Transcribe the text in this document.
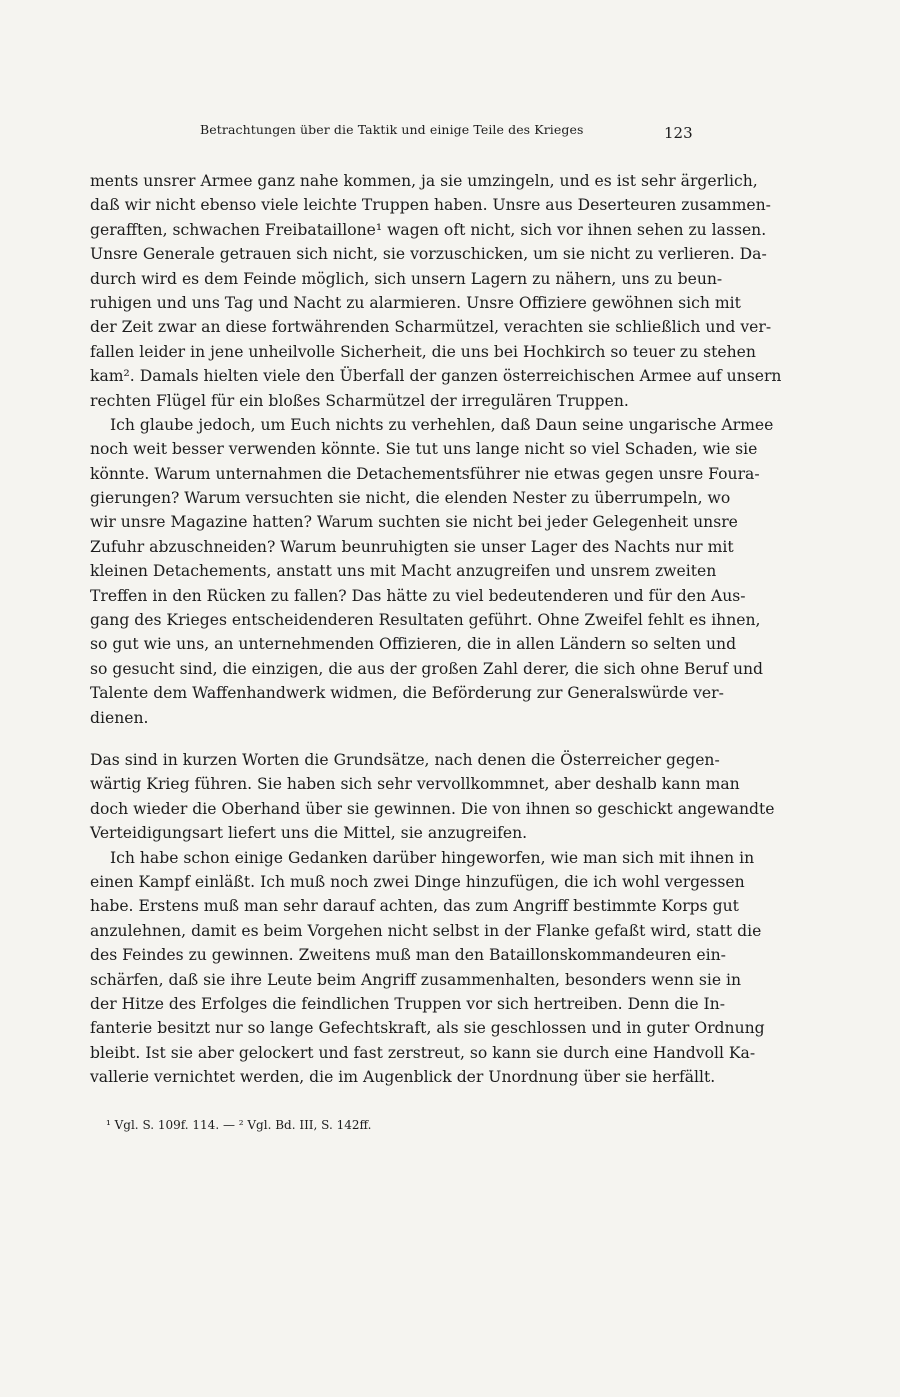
Betrachtungen über die Taktik und einige Teile des Krieges	123
ments unsrer Armee ganz nahe kommen, ja sie umzingeln, und es ist sehr ärgerlich,
daß wir nicht ebenso viele leichte Truppen haben. Unsre aus Deserteuren zusammen-
gerafften, schwachen Freibataillone¹ wagen oft nicht, sich vor ihnen sehen zu lassen.
Unsre Generale getrauen sich nicht, sie vorzuschicken, um sie nicht zu verlieren. Da-
durch wird es dem Feinde möglich, sich unsern Lagern zu nähern, uns zu beun-
ruhigen und uns Tag und Nacht zu alarmieren. Unsre Offiziere gewöhnen sich mit
der Zeit zwar an diese fortwährenden Scharmützel, verachten sie schließlich und ver-
fallen leider in jene unheilvolle Sicherheit, die uns bei Hochkirch so teuer zu stehen
kam². Damals hielten viele den Überfall der ganzen österreichischen Armee auf unsern
rechten Flügel für ein bloßes Scharmützel der irregulären Truppen.
Ich glaube jedoch, um Euch nichts zu verhehlen, daß Daun seine ungarische Armee
noch weit besser verwenden könnte. Sie tut uns lange nicht so viel Schaden, wie sie
könnte. Warum unternahmen die Detachementsführer nie etwas gegen unsre Foura-
gierungen? Warum versuchten sie nicht, die elenden Nester zu überrumpeln, wo
wir unsre Magazine hatten? Warum suchten sie nicht bei jeder Gelegenheit unsre
Zufuhr abzuschneiden? Warum beunruhigten sie unser Lager des Nachts nur mit
kleinen Detachements, anstatt uns mit Macht anzugreifen und unsrem zweiten
Treffen in den Rücken zu fallen? Das hätte zu viel bedeutenderen und für den Aus-
gang des Krieges entscheidenderen Resultaten geführt. Ohne Zweifel fehlt es ihnen,
so gut wie uns, an unternehmenden Offizieren, die in allen Ländern so selten und
so gesucht sind, die einzigen, die aus der großen Zahl derer, die sich ohne Beruf und
Talente dem Waffenhandwerk widmen, die Beförderung zur Generalswürde ver-
dienen.
Das sind in kurzen Worten die Grundsätze, nach denen die Österreicher gegen-
wärtig Krieg führen. Sie haben sich sehr vervollkommnet, aber deshalb kann man
doch wieder die Oberhand über sie gewinnen. Die von ihnen so geschickt angewandte
Verteidigungsart liefert uns die Mittel, sie anzugreifen.
Ich habe schon einige Gedanken darüber hingeworfen, wie man sich mit ihnen in
einen Kampf einläßt. Ich muß noch zwei Dinge hinzufügen, die ich wohl vergessen
habe. Erstens muß man sehr darauf achten, das zum Angriff bestimmte Korps gut
anzulehnen, damit es beim Vorgehen nicht selbst in der Flanke gefaßt wird, statt die
des Feindes zu gewinnen. Zweitens muß man den Bataillonskommandeuren ein-
schärfen, daß sie ihre Leute beim Angriff zusammenhalten, besonders wenn sie in
der Hitze des Erfolges die feindlichen Truppen vor sich hertreiben. Denn die In-
fanterie besitzt nur so lange Gefechtskraft, als sie geschlossen und in guter Ordnung
bleibt. Ist sie aber gelockert und fast zerstreut, so kann sie durch eine Handvoll Ka-
vallerie vernichtet werden, die im Augenblick der Unordnung über sie herfällt.
¹ Vgl. S. 109f. 114. — ² Vgl. Bd. III, S. 142ff.
